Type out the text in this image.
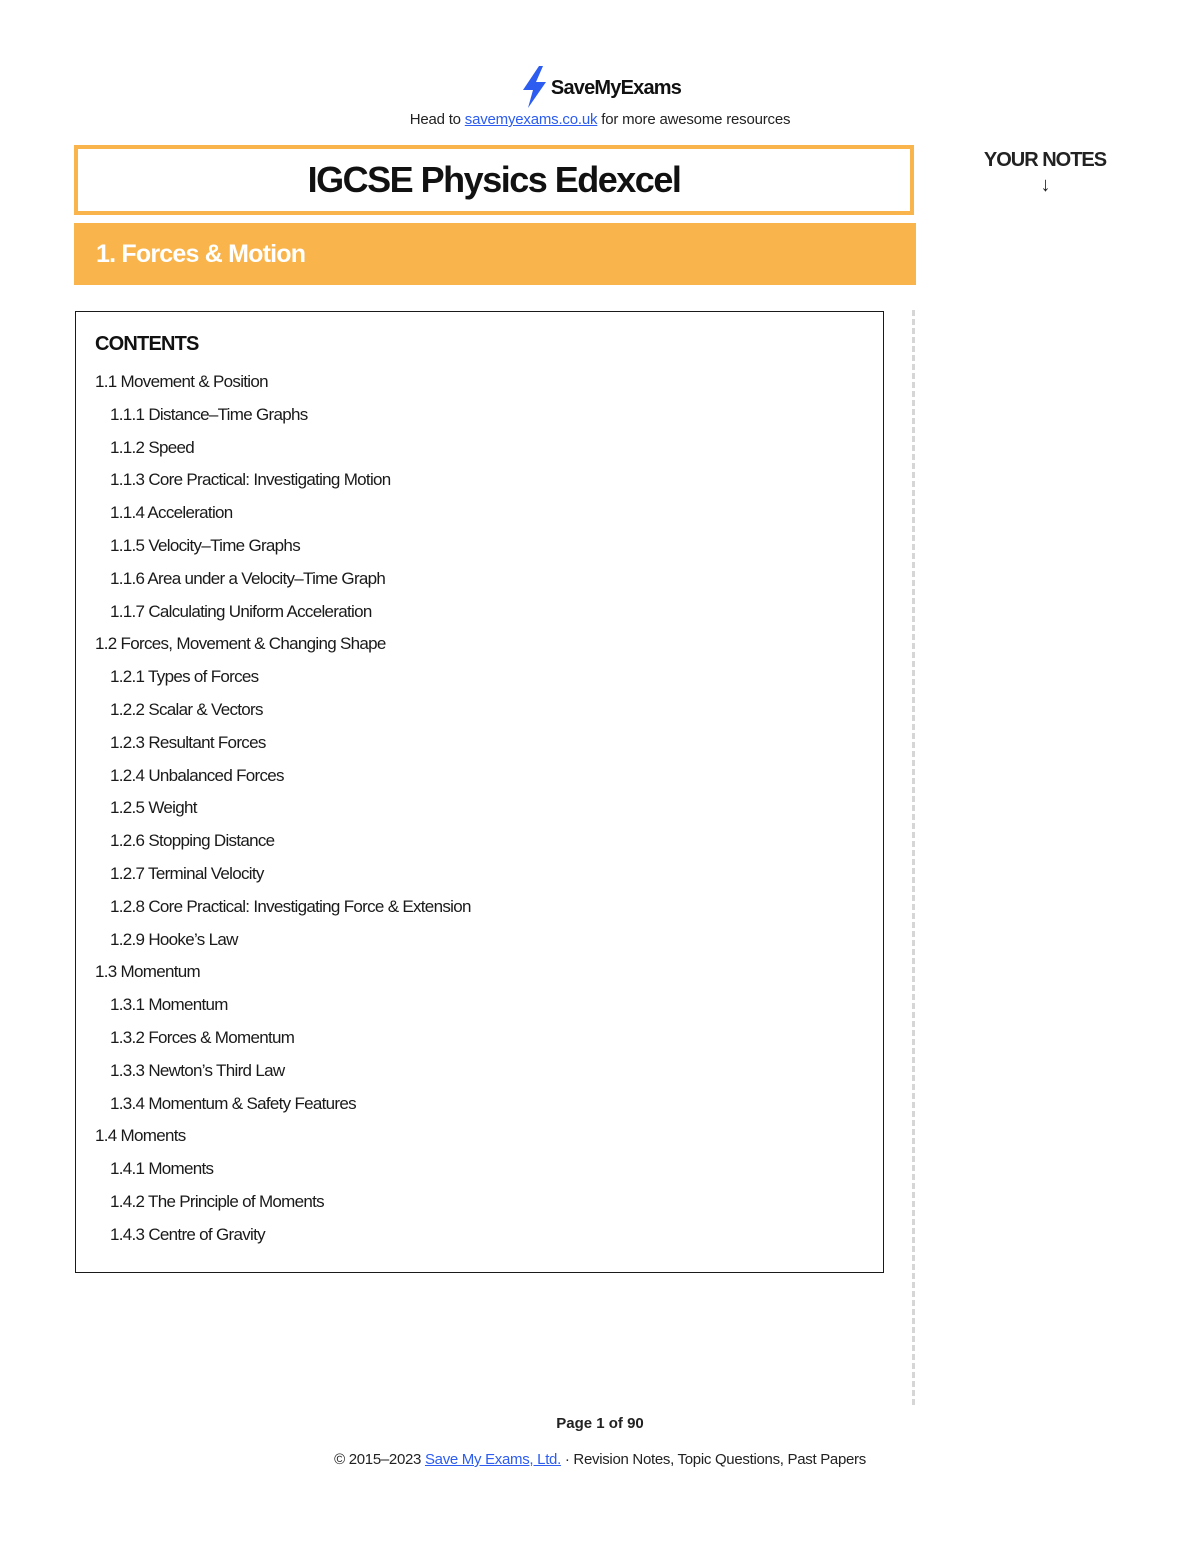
SaveMyExams
Head to savemyexams.co.uk for more awesome resources
IGCSE Physics Edexcel
1. Forces & Motion
YOUR NOTES
↓
CONTENTS
1.1 Movement & Position
1.1.1 Distance–Time Graphs
1.1.2 Speed
1.1.3 Core Practical: Investigating Motion
1.1.4 Acceleration
1.1.5 Velocity–Time Graphs
1.1.6 Area under a Velocity–Time Graph
1.1.7 Calculating Uniform Acceleration
1.2 Forces, Movement & Changing Shape
1.2.1 Types of Forces
1.2.2 Scalar & Vectors
1.2.3 Resultant Forces
1.2.4 Unbalanced Forces
1.2.5 Weight
1.2.6 Stopping Distance
1.2.7 Terminal Velocity
1.2.8 Core Practical: Investigating Force & Extension
1.2.9 Hooke’s Law
1.3 Momentum
1.3.1 Momentum
1.3.2 Forces & Momentum
1.3.3 Newton’s Third Law
1.3.4 Momentum & Safety Features
1.4 Moments
1.4.1 Moments
1.4.2 The Principle of Moments
1.4.3 Centre of Gravity
Page 1 of 90
© 2015–2023 Save My Exams, Ltd. · Revision Notes, Topic Questions, Past Papers
